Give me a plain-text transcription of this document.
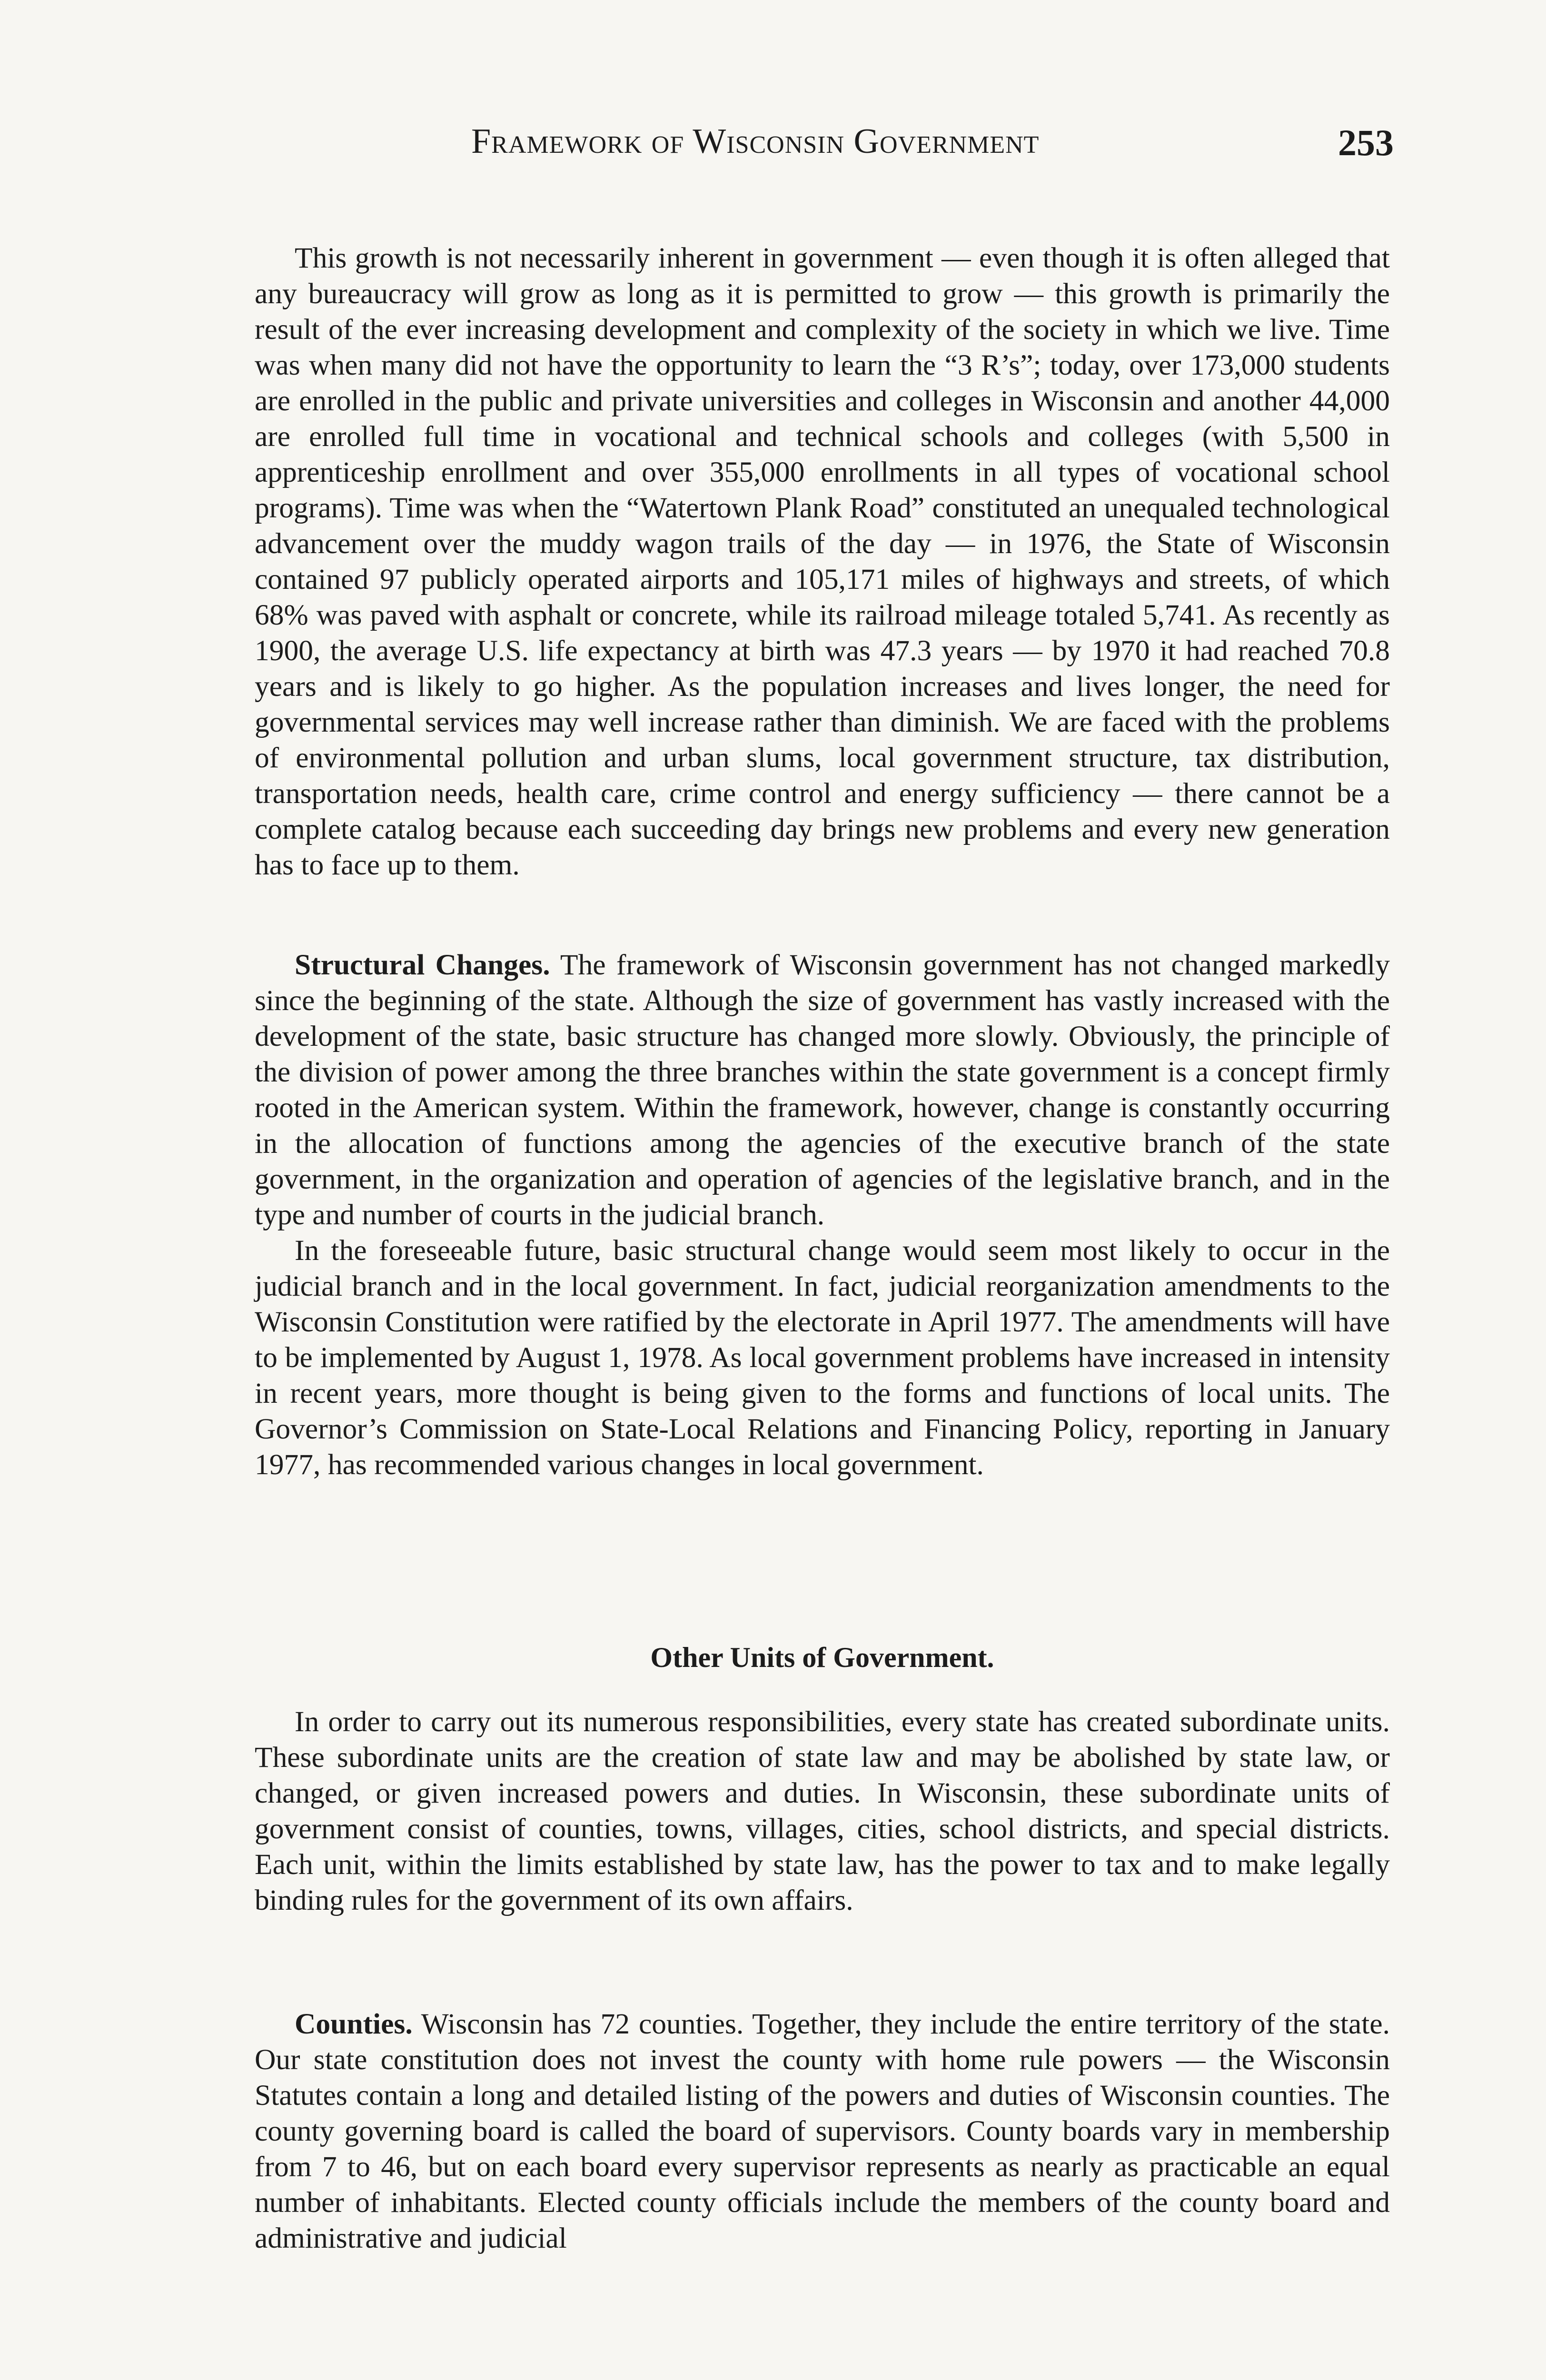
Framework of Wisconsin Government	253

This growth is not necessarily inherent in government — even though it is often alleged that any bureaucracy will grow as long as it is permitted to grow — this growth is primarily the result of the ever increasing development and complexity of the society in which we live. Time was when many did not have the opportunity to learn the “3 R’s”; today, over 173,000 students are enrolled in the public and private universities and colleges in Wisconsin and another 44,000 are enrolled full time in vocational and technical schools and colleges (with 5,500 in apprenticeship enrollment and over 355,000 enrollments in all types of vocational school programs). Time was when the “Watertown Plank Road” constituted an unequaled technological advancement over the muddy wagon trails of the day — in 1976, the State of Wisconsin contained 97 publicly operated airports and 105,171 miles of highways and streets, of which 68% was paved with asphalt or concrete, while its railroad mileage totaled 5,741. As recently as 1900, the average U.S. life expectancy at birth was 47.3 years — by 1970 it had reached 70.8 years and is likely to go higher. As the population increases and lives longer, the need for governmental services may well increase rather than diminish. We are faced with the problems of environmental pollution and urban slums, local government structure, tax distribution, transportation needs, health care, crime control and energy sufficiency — there cannot be a complete catalog because each succeeding day brings new problems and every new generation has to face up to them.

Structural Changes. The framework of Wisconsin government has not changed markedly since the beginning of the state. Although the size of government has vastly increased with the development of the state, basic structure has changed more slowly. Obviously, the principle of the division of power among the three branches within the state government is a concept firmly rooted in the American system. Within the framework, however, change is constantly occurring in the allocation of functions among the agencies of the executive branch of the state government, in the organization and operation of agencies of the legislative branch, and in the type and number of courts in the judicial branch.

In the foreseeable future, basic structural change would seem most likely to occur in the judicial branch and in the local government. In fact, judicial reorganization amendments to the Wisconsin Constitution were ratified by the electorate in April 1977. The amendments will have to be implemented by August 1, 1978. As local government problems have increased in intensity in recent years, more thought is being given to the forms and functions of local units. The Governor’s Commission on State-Local Relations and Financing Policy, reporting in January 1977, has recommended various changes in local government.

Other Units of Government.

In order to carry out its numerous responsibilities, every state has created subordinate units. These subordinate units are the creation of state law and may be abolished by state law, or changed, or given increased powers and duties. In Wisconsin, these subordinate units of government consist of counties, towns, villages, cities, school districts, and special districts. Each unit, within the limits established by state law, has the power to tax and to make legally binding rules for the government of its own affairs.

Counties. Wisconsin has 72 counties. Together, they include the entire territory of the state. Our state constitution does not invest the county with home rule powers — the Wisconsin Statutes contain a long and detailed listing of the powers and duties of Wisconsin counties. The county governing board is called the board of supervisors. County boards vary in membership from 7 to 46, but on each board every supervisor represents as nearly as practicable an equal number of inhabitants. Elected county officials include the members of the county board and administrative and judicial
